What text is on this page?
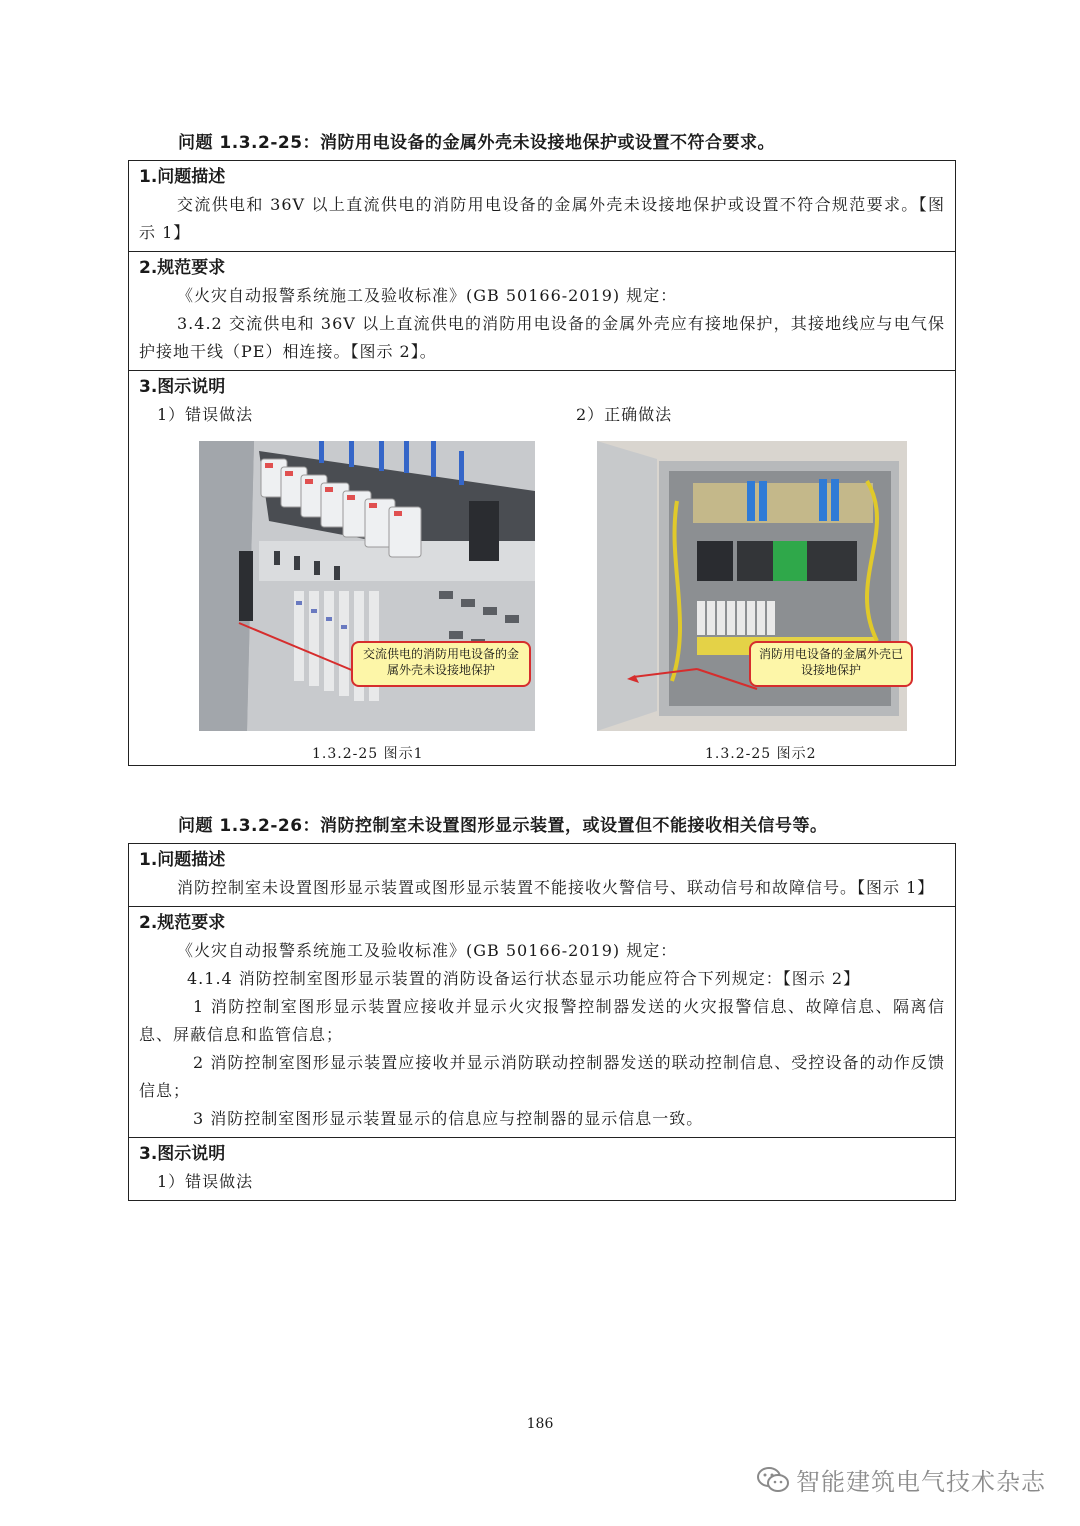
问题 1.3.2-25：消防用电设备的金属外壳未设接地保护或设置不符合要求。
1.问题描述
交流供电和 36V 以上直流供电的消防用电设备的金属外壳未设接地保护或设置不符合规范要求。【图示 1】
2.规范要求
《火灾自动报警系统施工及验收标准》(GB 50166-2019) 规定：
3.4.2 交流供电和 36V 以上直流供电的消防用电设备的金属外壳应有接地保护，其接地线应与电气保护接地干线（PE）相连接。【图示 2】。
3.图示说明
1）错误做法	2）正确做法
交流供电的消防用电设备的金属外壳未设接地保护
消防用电设备的金属外壳已设接地保护
1.3.2-25 图示1	1.3.2-25 图示2
问题 1.3.2-26：消防控制室未设置图形显示装置，或设置但不能接收相关信号等。
1.问题描述
消防控制室未设置图形显示装置或图形显示装置不能接收火警信号、联动信号和故障信号。【图示 1】
2.规范要求
《火灾自动报警系统施工及验收标准》(GB 50166-2019) 规定：
4.1.4 消防控制室图形显示装置的消防设备运行状态显示功能应符合下列规定：【图示 2】
1 消防控制室图形显示装置应接收并显示火灾报警控制器发送的火灾报警信息、故障信息、隔离信息、屏蔽信息和监管信息；
2 消防控制室图形显示装置应接收并显示消防联动控制器发送的联动控制信息、受控设备的动作反馈信息；
3 消防控制室图形显示装置显示的信息应与控制器的显示信息一致。
3.图示说明
1）错误做法
186
智能建筑电气技术杂志
